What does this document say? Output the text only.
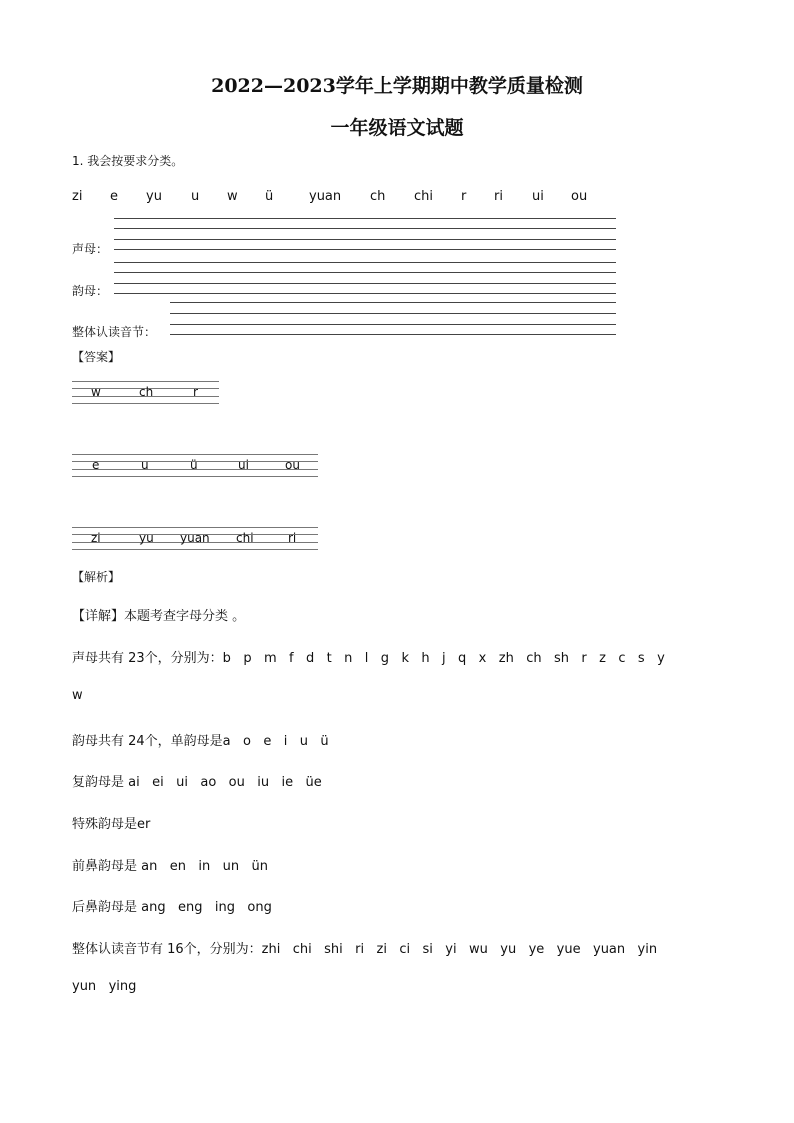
2022—2023学年上学期期中教学质量检测
一年级语文试题
1. 我会按要求分类。
zi e yu u w ü	yuan ch chi r ri ui ou
声母：
韵母：
整体认读音节：
【答案】
w	ch	r
e	u	ü	ui	ou
zi	yu yuan chi	ri
【解析】
【详解】本题考查字母分类 。
声母共有 23个，分别为：b   p   m   f   d   t   n   l   g   k   h   j   q   x   zh   ch   sh   r   z   c   s   y
w
韵母共有 24个，单韵母是a   o   e   i   u   ü
复韵母是 ai   ei   ui   ao   ou   iu   ie   üe
特殊韵母是er
前鼻韵母是 an   en   in   un   ün
后鼻韵母是 ang   eng   ing   ong
整体认读音节有 16个，分别为：zhi   chi   shi   ri   zi   ci   si   yi   wu   yu   ye   yue   yuan   yin
yun   ying
